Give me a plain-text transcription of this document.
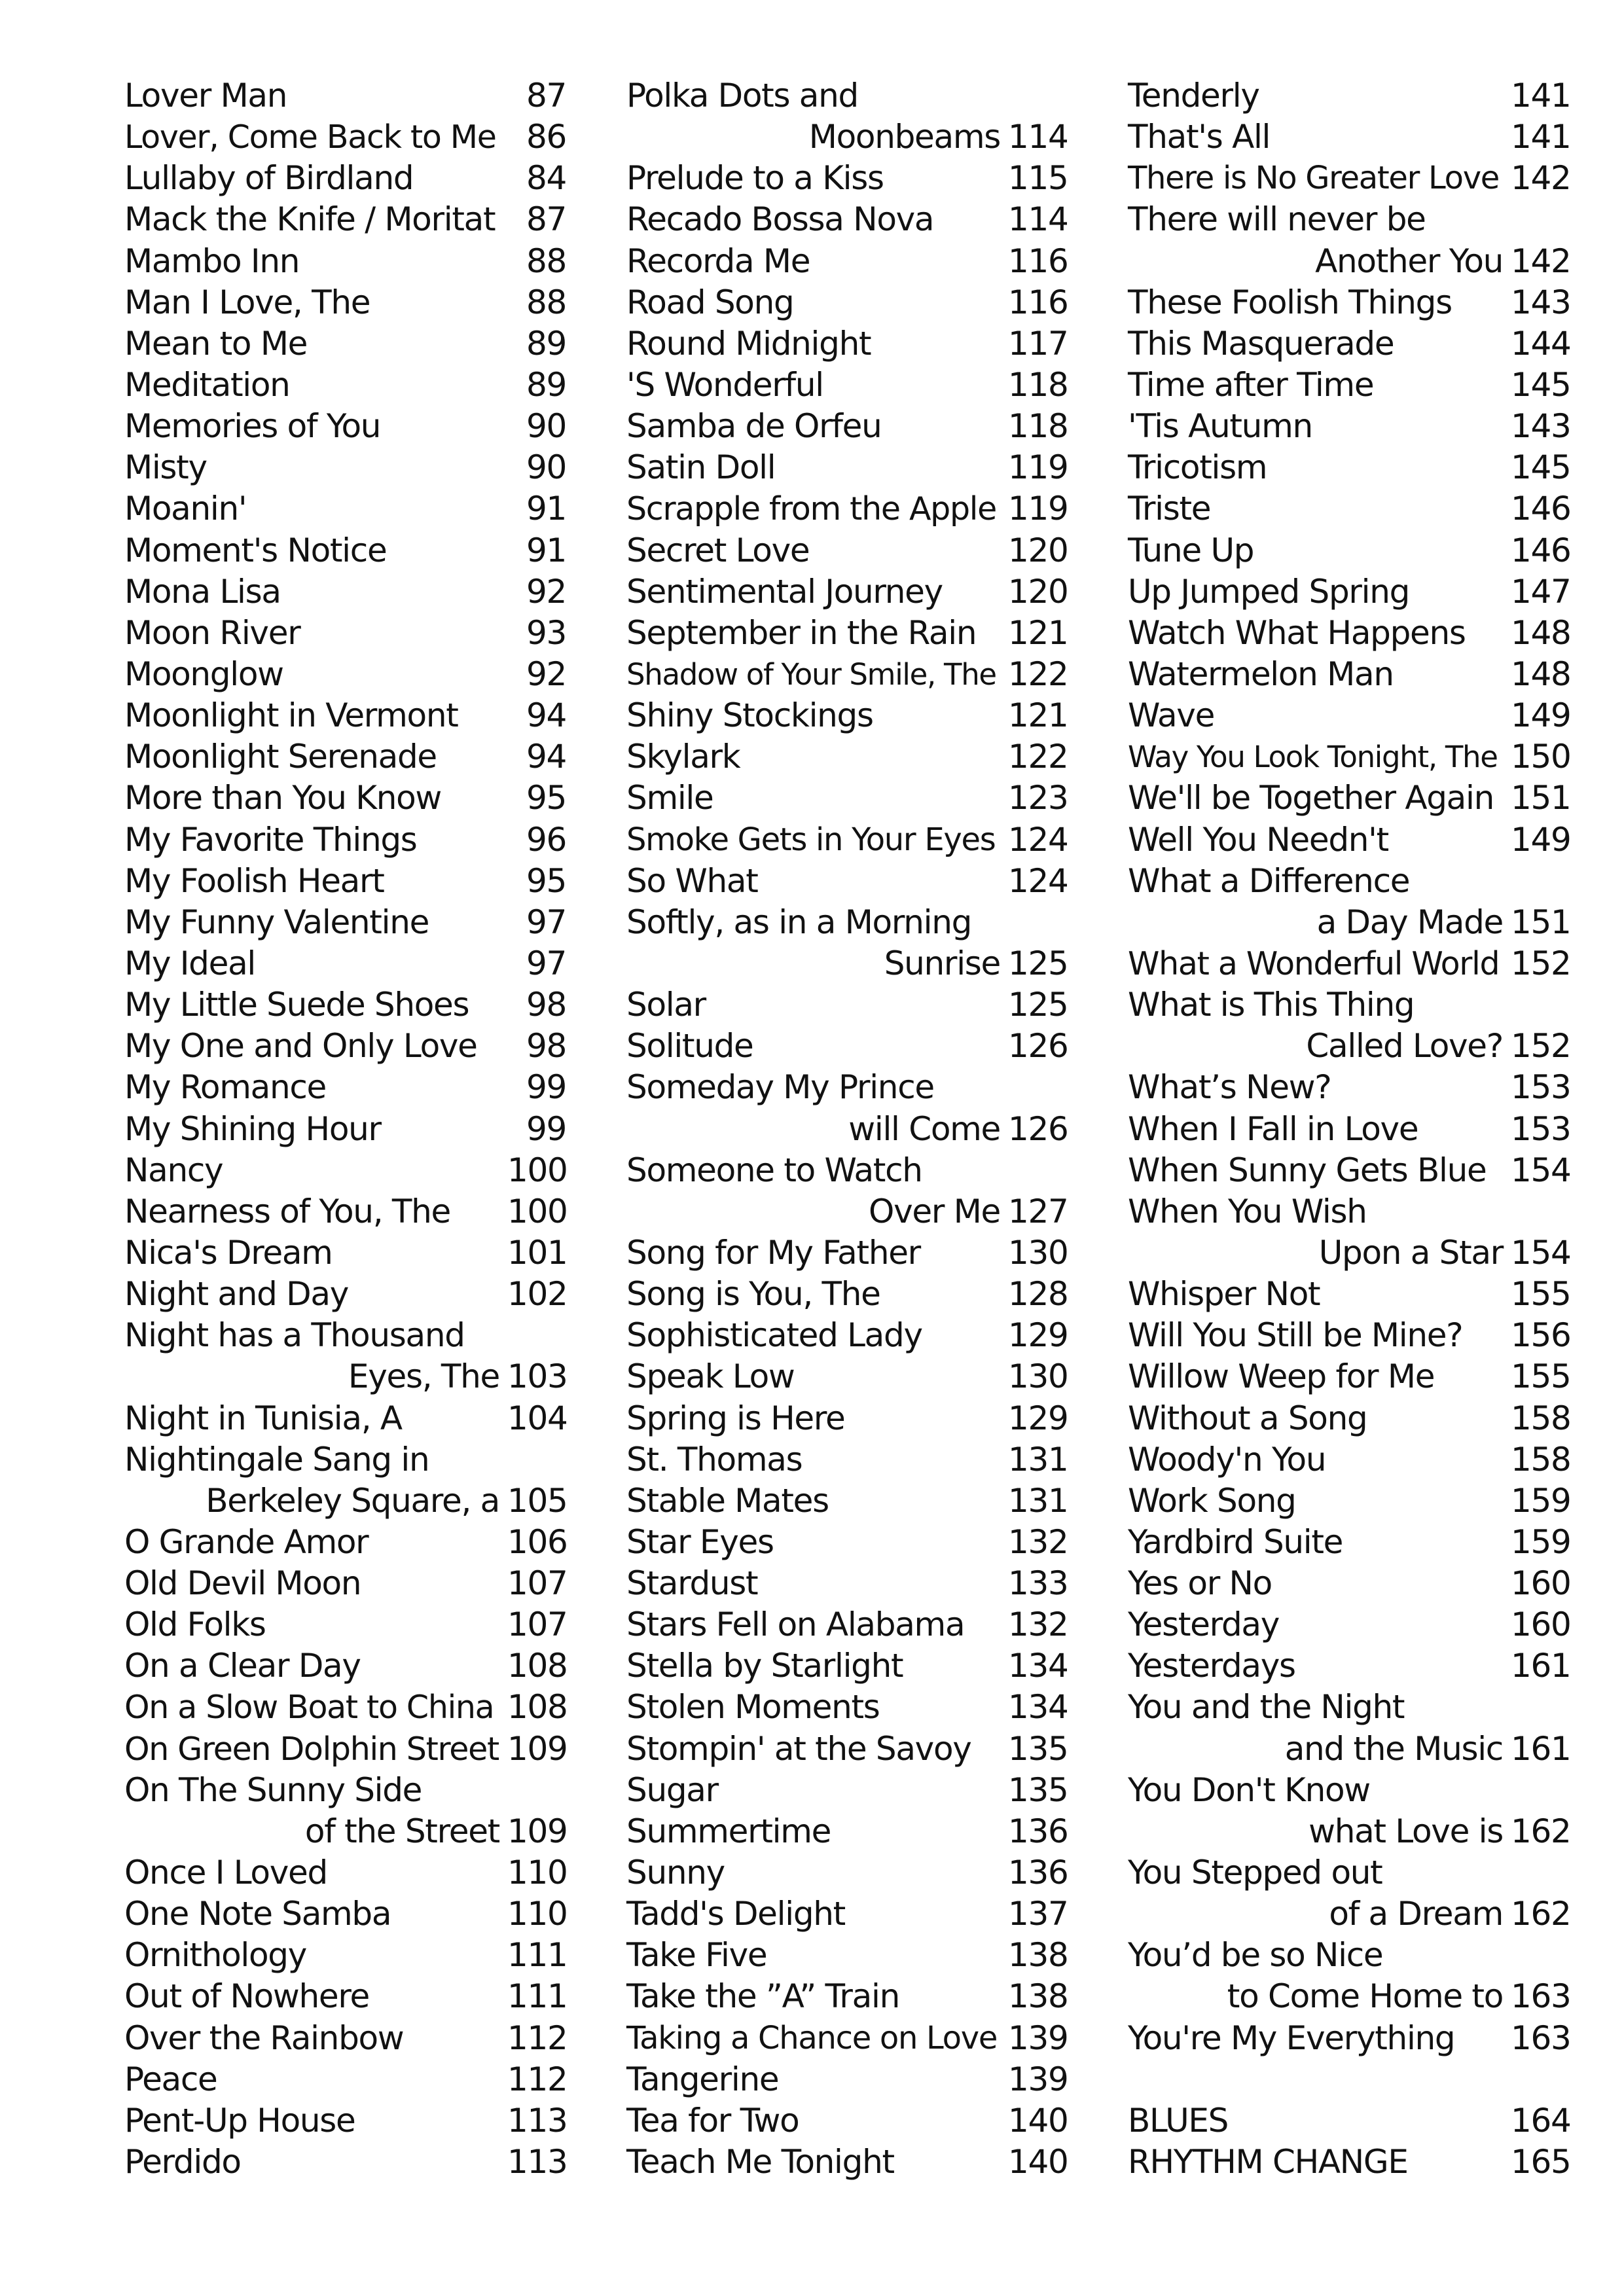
Lover Man	87
Lover, Come Back to Me 86
Lullaby of Birdland	84
Mack the Knife / Moritat 87
Mambo Inn	88
Man I Love, The	88
Mean to Me	89
Meditation	89
Memories of You	90
Misty	90
Moanin'	91
Moment's Notice	91
Mona Lisa	92
Moon River	93
Moonglow	92
Moonlight in Vermont	94
Moonlight Serenade	94
More than You Know	95
My Favorite Things	96
My Foolish Heart	95
My Funny Valentine	97
My Ideal	97
My Little Suede Shoes	98
My One and Only Love	98
My Romance	99
My Shining Hour	99
Nancy	100
Nearness of You, The 100
Nica's Dream	101
Night and Day	102
Night has a Thousand
Eyes, The 103
Night in Tunisia, A	104
Nightingale Sang in
Berkeley Square, a 105
O Grande Amor	106
Old Devil Moon	107
Old Folks	107
On a Clear Day	108
On a Slow Boat to China 108
On Green Dolphin Street 109
On The Sunny Side
of the Street 109
Once I Loved	110
One Note Samba	110
Ornithology	111
Out of Nowhere	111
Over the Rainbow	112
Peace	112
Pent-Up House	113
Perdido	113
Polka Dots and
Moonbeams 114
Prelude to a Kiss	115
Recado Bossa Nova 114
Recorda Me	116
Road Song	116
Round Midnight	117
'S Wonderful	118
Samba de Orfeu	118
Satin Doll	119
Scrapple from the Apple 119
Secret Love	120
Sentimental Journey 120
September in the Rain 121
Shadow of Your Smile, The 122
Shiny Stockings	121
Skylark	122
Smile	123
Smoke Gets in Your Eyes 124
So What	124
Softly, as in a Morning
Sunrise 125
Solar	125
Solitude	126
Someday My Prince
will Come 126
Someone to Watch
Over Me 127
Song for My Father	130
Song is You, The	128
Sophisticated Lady	129
Speak Low	130
Spring is Here	129
St. Thomas	131
Stable Mates	131
Star Eyes	132
Stardust	133
Stars Fell on Alabama 132
Stella by Starlight	134
Stolen Moments	134
Stompin' at the Savoy 135
Sugar	135
Summertime	136
Sunny	136
Tadd's Delight	137
Take Five	138
Take the ”A” Train	138
Taking a Chance on Love 139
Tangerine	139
Tea for Two	140
Teach Me Tonight	140
Tenderly	141
That's All	141
There is No Greater Love 142
There will never be
Another You 142
These Foolish Things 143
This Masquerade	144
Time after Time	145
'Tis Autumn	143
Tricotism	145
Triste	146
Tune Up	146
Up Jumped Spring	147
Watch What Happens 148
Watermelon Man	148
Wave	149
Way You Look Tonight, The 150
We'll be Together Again 151
Well You Needn't	149
What a Difference
a Day Made 151
What a Wonderful World 152
What is This Thing
Called Love? 152
What’s New?	153
When I Fall in Love	153
When Sunny Gets Blue 154
When You Wish
Upon a Star 154
Whisper Not	155
Will You Still be Mine? 156
Willow Weep for Me 155
Without a Song	158
Woody'n You	158
Work Song	159
Yardbird Suite	159
Yes or No	160
Yesterday	160
Yesterdays	161
You and the Night
and the Music 161
You Don't Know
what Love is 162
You Stepped out
of a Dream 162
You’d be so Nice
to Come Home to 163
You're My Everything 163
BLUES	164
RHYTHM CHANGE	165
